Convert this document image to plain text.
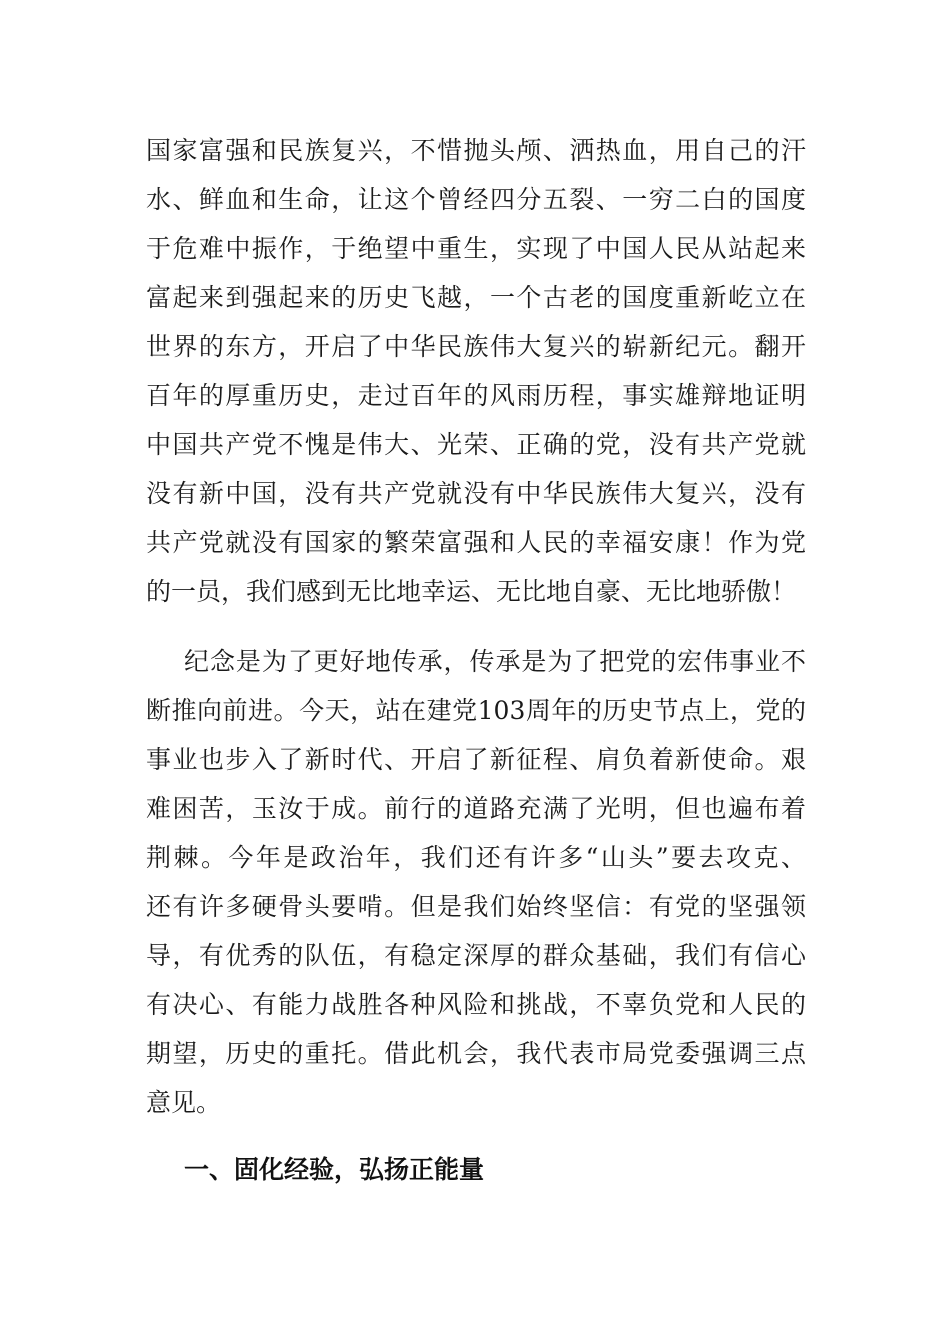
国家富强和民族复兴，不惜抛头颅、洒热血，用自己的汗
水、鲜血和生命，让这个曾经四分五裂、一穷二白的国度
于危难中振作，于绝望中重生，实现了中国人民从站起来
富起来到强起来的历史飞越，一个古老的国度重新屹立在
世界的东方，开启了中华民族伟大复兴的崭新纪元。翻开
百年的厚重历史，走过百年的风雨历程，事实雄辩地证明
中国共产党不愧是伟大、光荣、正确的党，没有共产党就
没有新中国，没有共产党就没有中华民族伟大复兴，没有
共产党就没有国家的繁荣富强和人民的幸福安康！作为党
的一员，我们感到无比地幸运、无比地自豪、无比地骄傲！
纪念是为了更好地传承，传承是为了把党的宏伟事业不
断推向前进。今天，站在建党103周年的历史节点上，党的
事业也步入了新时代、开启了新征程、肩负着新使命。艰
难困苦，玉汝于成。前行的道路充满了光明，但也遍布着
荆棘。今年是政治年，我们还有许多“山头”要去攻克、
还有许多硬骨头要啃。但是我们始终坚信：有党的坚强领
导，有优秀的队伍，有稳定深厚的群众基础，我们有信心
有决心、有能力战胜各种风险和挑战，不辜负党和人民的
期望，历史的重托。借此机会，我代表市局党委强调三点
意见。
一、固化经验，弘扬正能量
